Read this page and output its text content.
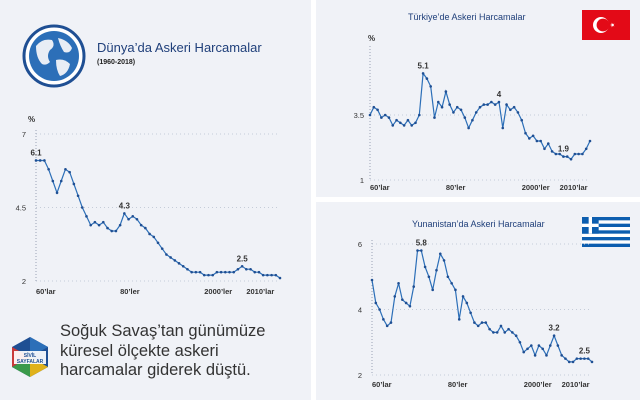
Dünya’da Askeri Harcamalar
(1960-2018)
2
4.5
7
%
60’lar	80’ler	2000’ler 2010’lar
6.1
4.3
2.5
SİVİL
SAYFALAR
Soğuk Savaş’tan günümüze
küresel ölçekte askeri
harcamalar giderek düştü.
Türkiye’de Askeri Harcamalar
1
3.5
%
60’lar	80’ler	2000’ler 2010’lar
5.1
4
1.9
Yunanistan’da Askeri Harcamalar
2
4
6
60’lar	80’ler	2000’ler 2010’lar
5.8
3.2
2.5
